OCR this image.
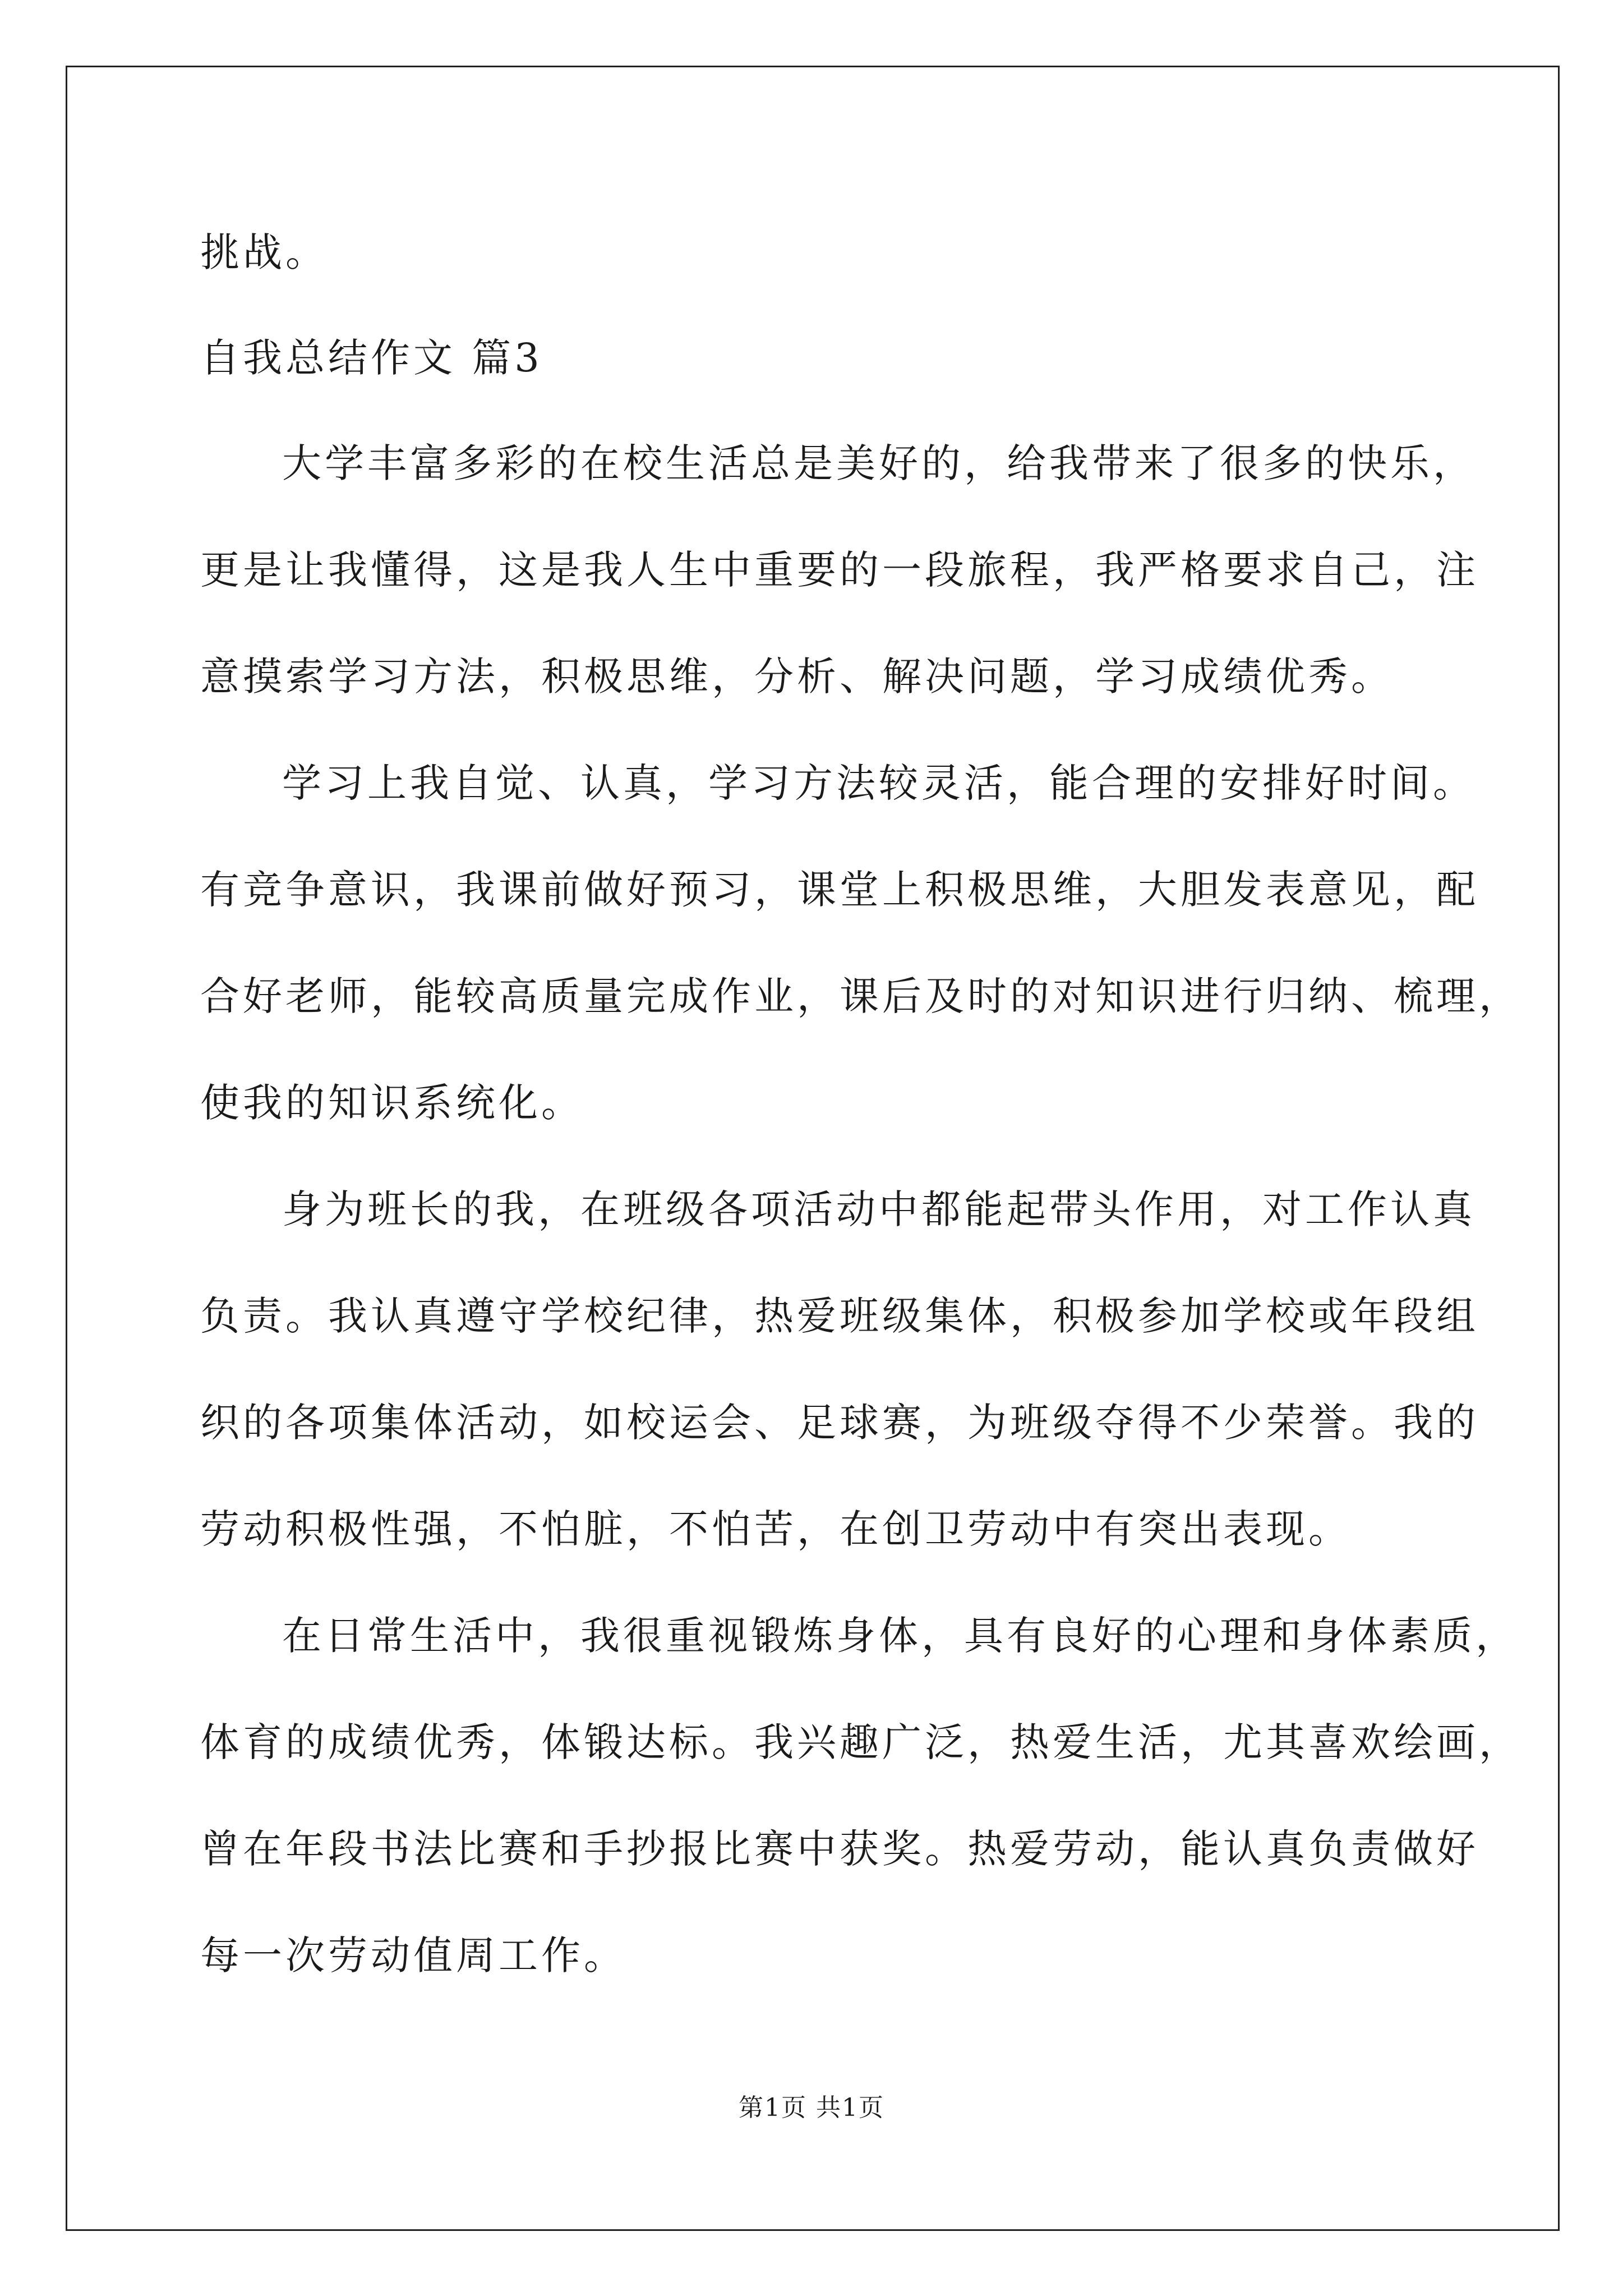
挑战。
自我总结作文 篇3
大学丰富多彩的在校生活总是美好的，给我带来了很多的快乐，
更是让我懂得，这是我人生中重要的一段旅程，我严格要求自己，注
意摸索学习方法，积极思维，分析、解决问题，学习成绩优秀。
学习上我自觉、认真，学习方法较灵活，能合理的安排好时间。
有竞争意识，我课前做好预习，课堂上积极思维，大胆发表意见，配
合好老师，能较高质量完成作业，课后及时的对知识进行归纳、梳理，
使我的知识系统化。
身为班长的我，在班级各项活动中都能起带头作用，对工作认真
负责。我认真遵守学校纪律，热爱班级集体，积极参加学校或年段组
织的各项集体活动，如校运会、足球赛，为班级夺得不少荣誉。我的
劳动积极性强，不怕脏，不怕苦，在创卫劳动中有突出表现。
在日常生活中，我很重视锻炼身体，具有良好的心理和身体素质，
体育的成绩优秀，体锻达标。我兴趣广泛，热爱生活，尤其喜欢绘画，
曾在年段书法比赛和手抄报比赛中获奖。热爱劳动，能认真负责做好
每一次劳动值周工作。
第1页 共1页
